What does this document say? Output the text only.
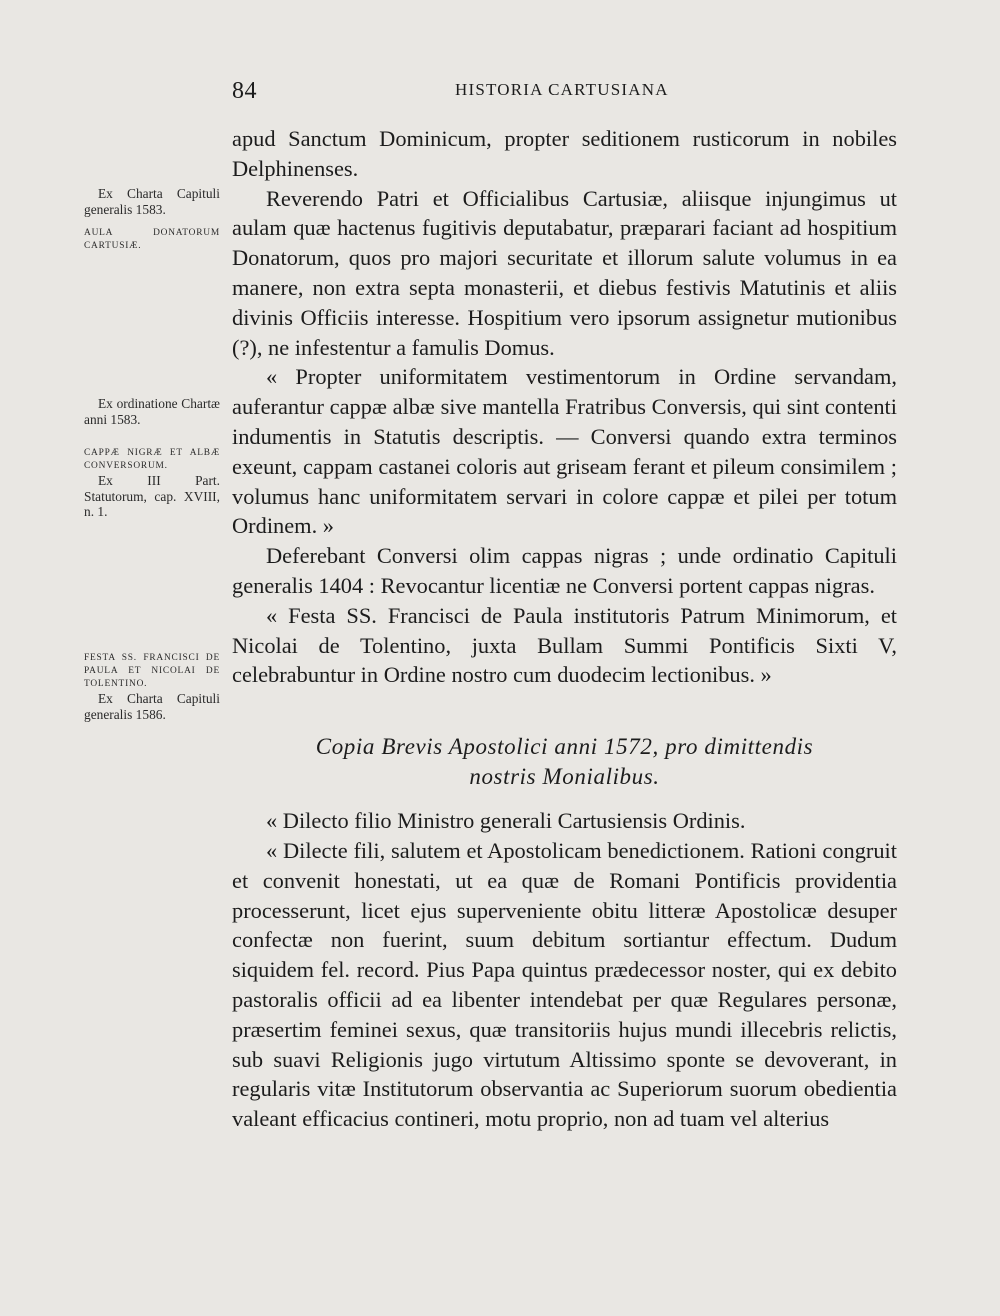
84	HISTORIA CARTUSIANA
Ex Charta Capituli generalis 1583.
AULA DONATORUM CARTUSIÆ.
Ex ordinatione Chartæ anni 1583.
CAPPÆ NIGRÆ ET ALBÆ CONVERSORUM.
Ex III Part. Statutorum, cap. XVIII, n. 1.
FESTA SS. FRANCISCI DE PAULA ET NICOLAI DE TOLENTINO.
Ex Charta Capituli generalis 1586.

apud Sanctum Dominicum, propter seditionem rusticorum in nobiles Delphinenses.

Reverendo Patri et Officialibus Cartusiæ, aliisque injungimus ut aulam quæ hactenus fugitivis deputabatur, præparari faciant ad hospitium Donatorum, quos pro majori securitate et illorum salute volumus in ea manere, non extra septa monasterii, et diebus festivis Matutinis et aliis divinis Officiis interesse. Hospitium vero ipsorum assignetur mutionibus (?), ne infestentur a famulis Domus.

« Propter uniformitatem vestimentorum in Ordine servandam, auferantur cappæ albæ sive mantella Fratribus Conversis, qui sint contenti indumentis in Statutis descriptis. — Conversi quando extra terminos exeunt, cappam castanei coloris aut griseam ferant et pileum consimilem ; volumus hanc uniformitatem servari in colore cappæ et pilei per totum Ordinem. »

Deferebant Conversi olim cappas nigras ; unde ordinatio Capituli generalis 1404 : Revocantur licentiæ ne Conversi portent cappas nigras.

« Festa SS. Francisci de Paula institutoris Patrum Minimorum, et Nicolai de Tolentino, juxta Bullam Summi Pontificis Sixti V, celebrabuntur in Ordine nostro cum duodecim lectionibus. »

Copia Brevis Apostolici anni 1572, pro dimittendis
nostris Monialibus.

« Dilecto filio Ministro generali Cartusiensis Ordinis.

« Dilecte fili, salutem et Apostolicam benedictionem. Rationi congruit et convenit honestati, ut ea quæ de Romani Pontificis providentia processerunt, licet ejus superveniente obitu litteræ Apostolicæ desuper confectæ non fuerint, suum debitum sortiantur effectum. Dudum siquidem fel. record. Pius Papa quintus prædecessor noster, qui ex debito pastoralis officii ad ea libenter intendebat per quæ Regulares personæ, præsertim feminei sexus, quæ transitoriis hujus mundi illecebris relictis, sub suavi Religionis jugo virtutum Altissimo sponte se devoverant, in regularis vitæ Institutorum observantia ac Superiorum suorum obedientia valeant efficacius contineri, motu proprio, non ad tuam vel alterius
